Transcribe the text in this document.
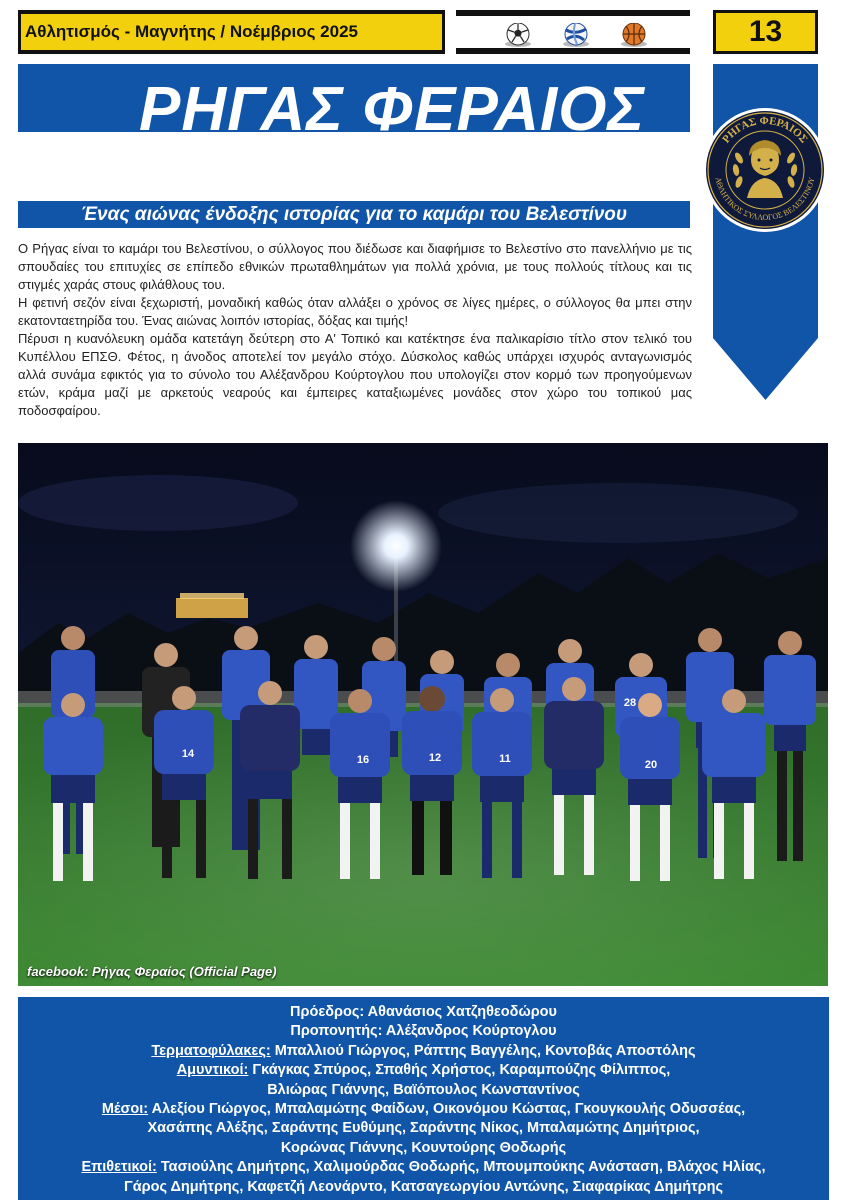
Αθλητισμός - Μαγνήτης / Νοέμβριος 2025	13
ΡΗΓΑΣ ΦΕΡΑΙΟΣ	ΡΗΓΑΣ ΦΕΡΑΙΟΣ
ΑΘΛΗΤΙΚΟΣ ΣΥΛΛΟΓΟΣ ΒΕΛΕΣΤΙΝΟΥ
Ένας αιώνας ένδοξης ιστορίας για το καμάρι του Βελεστίνου

Ο Ρήγας είναι το καμάρι του Βελεστίνου, ο σύλλογος που διέδωσε και διαφήμισε το Βελεστίνο στο πανελλήνιο με τις σπουδαίες του επιτυχίες σε επίπεδο εθνικών πρωταθλημάτων για πολλά χρόνια, με τους πολλούς τίτλους και τις στιγμές χαράς στους φιλάθλους του.

Η φετινή σεζόν είναι ξεχωριστή, μοναδική καθώς όταν αλλάξει ο χρόνος σε λίγες ημέρες, ο σύλλογος θα μπει στην εκατονταετηρίδα του. Ένας αιώνας λοιπόν ιστορίας, δόξας και τιμής!

Πέρυσι η κυανόλευκη ομάδα κατετάγη δεύτερη στο Α' Τοπικό και κατέκτησε ένα παλικαρίσιο τίτλο στον τελικό του Κυπέλλου ΕΠΣΘ. Φέτος, η άνοδος αποτελεί τον μεγάλο στόχο. Δύσκολος καθώς υπάρχει ισχυρός ανταγωνισμός αλλά συνάμα εφικτός για το σύνολο του Αλέξανδρου Κούρτογλου που υπολογίζει στον κορμό των προηγούμενων ετών, κράμα μαζί με αρκετούς νεαρούς και έμπειρες καταξιωμένες μονάδες στον χώρο του τοπικού μας ποδοσφαίρου.

14	16	12	11	20
28
facebook: Ρήγας Φεραίος (Official Page)
Πρόεδρος: Αθανάσιος Χατζηθεοδώρου
Προπονητής: Αλέξανδρος Κούρτογλου
Τερματοφύλακες: Μπαλλιού Γιώργος, Ράπτης Βαγγέλης, Κοντοβάς Αποστόλης
Αμυντικοί: Γκάγκας Σπύρος, Σπαθής Χρήστος, Καραμπούζης Φίλιππος,
Βλιώρας Γιάννης, Βαϊόπουλος Κωνσταντίνος
Μέσοι: Αλεξίου Γιώργος, Μπαλαμώτης Φαίδων, Οικονόμου Κώστας, Γκουγκουλής Οδυσσέας,
Χασάπης Αλέξης, Σαράντης Ευθύμης, Σαράντης Νίκος, Μπαλαμώτης Δημήτριος,
Κορώνας Γιάννης, Κουντούρης Θοδωρής
Επιθετικοί: Τασιούλης Δημήτρης, Χαλιμούρδας Θοδωρής, Μπουμπούκης Ανάσταση, Βλάχος Ηλίας,
Γάρος Δημήτρης, Καφετζή Λεονάρντο, Κατσαγεωργίου Αντώνης, Σιαφαρίκας Δημήτρης
